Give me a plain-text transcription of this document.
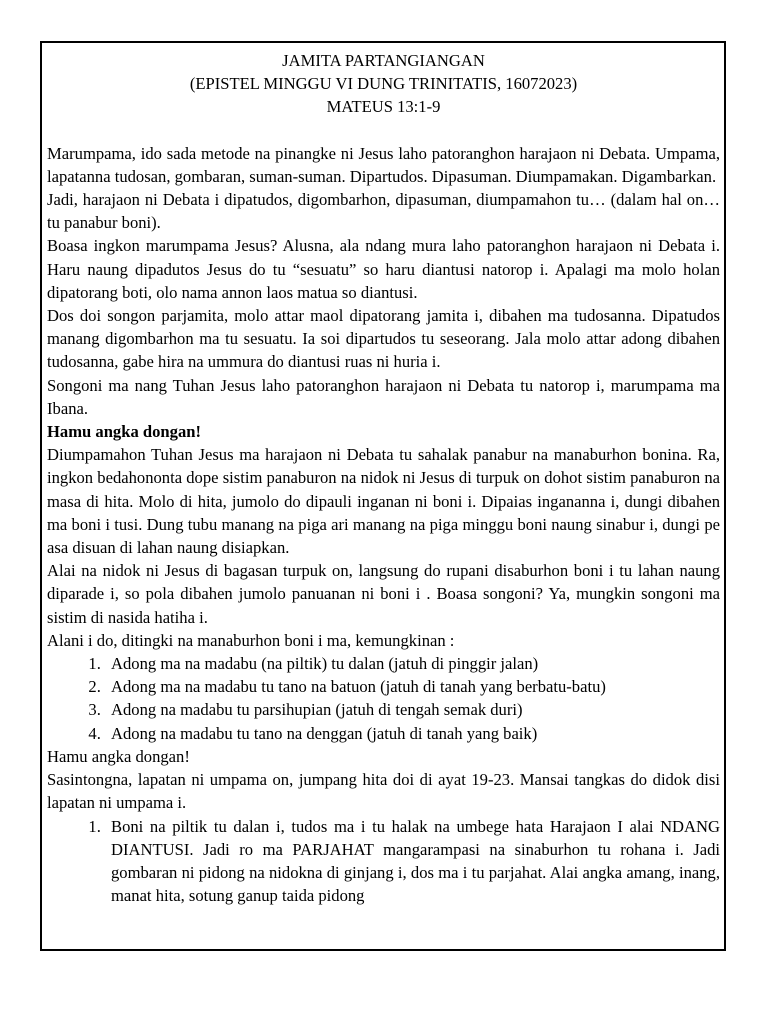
JAMITA PARTANGIANGAN
(EPISTEL MINGGU VI DUNG TRINITATIS, 16072023)
MATEUS 13:1-9

Marumpama, ido sada metode na pinangke ni Jesus laho patoranghon harajaon ni Debata. Umpama, lapatanna tudosan, gombaran, suman-suman. Dipartudos. Dipasuman. Diumpamakan. Digambarkan.

Jadi, harajaon ni Debata i dipatudos, digombarhon, dipasuman, diumpamahon tu… (dalam hal on…tu panabur boni).

Boasa ingkon marumpama Jesus? Alusna, ala ndang mura laho patoranghon harajaon ni Debata i. Haru naung dipadutos Jesus do tu “sesuatu” so haru diantusi natorop i. Apalagi ma molo holan dipatorang boti, olo nama annon laos matua so diantusi.

Dos doi songon parjamita, molo attar maol dipatorang jamita i, dibahen ma tudosanna. Dipatudos manang digombarhon ma tu sesuatu. Ia soi dipartudos tu seseorang. Jala molo attar adong dibahen tudosanna, gabe hira na ummura do diantusi ruas ni huria i.

Songoni ma nang Tuhan Jesus laho patoranghon harajaon ni Debata tu natorop i, marumpama ma Ibana.

Hamu angka dongan!

Diumpamahon Tuhan Jesus ma harajaon ni Debata tu sahalak panabur na manaburhon bonina. Ra, ingkon bedahononta dope sistim panaburon na nidok ni Jesus di turpuk on dohot sistim panaburon na masa di hita. Molo di hita, jumolo do dipauli inganan ni boni i. Dipaias ingananna i, dungi dibahen ma boni i tusi. Dung tubu manang na piga ari manang na piga minggu boni naung sinabur i, dungi pe asa disuan di lahan naung disiapkan.

Alai na nidok ni Jesus di bagasan turpuk on, langsung do rupani disaburhon boni i tu lahan naung diparade i, so pola dibahen jumolo panuanan ni boni i . Boasa songoni? Ya, mungkin songoni ma sistim di nasida hatiha i.

Alani i do, ditingki na manaburhon boni i ma, kemungkinan :

1. Adong ma na madabu (na piltik) tu dalan (jatuh di pinggir jalan)
2. Adong ma na madabu tu tano na batuon (jatuh di tanah yang berbatu-batu)
3. Adong na madabu tu parsihupian (jatuh di tengah semak duri)
4. Adong na madabu tu tano na denggan (jatuh di tanah yang baik)

Hamu angka dongan!

Sasintongna, lapatan ni umpama on, jumpang hita doi di ayat 19-23. Mansai tangkas do didok disi lapatan ni umpama i.

1. Boni na piltik tu dalan i, tudos ma i tu halak na umbege hata Harajaon I alai NDANG DIANTUSI. Jadi ro ma PARJAHAT mangarampasi na sinaburhon tu rohana i. Jadi gombaran ni pidong na nidokna di ginjang i, dos ma i tu parjahat. Alai angka amang, inang, manat hita, sotung ganup taida pidong
